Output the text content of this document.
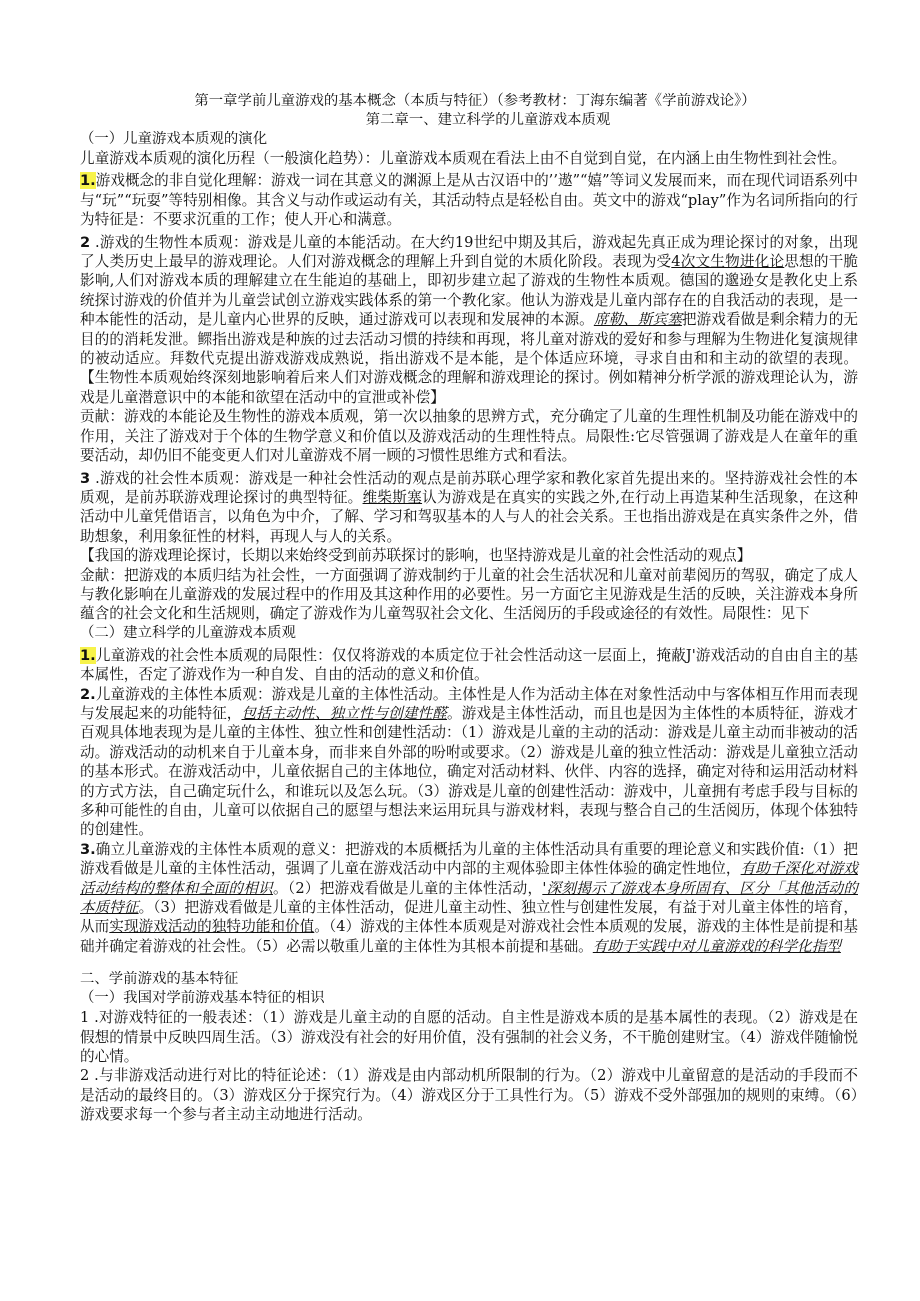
第一章学前儿童游戏的基本概念（本质与特征）（参考教材：丁海东编著《学前游戏论》）
第二章一、建立科学的儿童游戏本质观
（一）儿童游戏本质观的演化

儿童游戏本质观的演化历程（一般演化趋势）：儿童游戏本质观在看法上由不自觉到自觉，在内涵上由生物性到社会性。

1.游戏概念的非自觉化理解：游戏一词在其意义的渊源上是从古汉语中的’’遨”“嬉”等词义发展而来，而在现代词语系列中与“玩”“玩耍”等特别相像。其含义与动作或运动有关，其活动特点是轻松自由。英文中的游戏“play”作为名词所指向的行为特征是：不要求沉重的工作；使人开心和满意。

2 .游戏的生物性本质观：游戏是儿童的本能活动。在大约19世纪中期及其后，游戏起先真正成为理论探讨的对象，出现了人类历史上最早的游戏理论。人们对游戏概念的理解上升到自觉的木质化阶段。表现为受4次文生物进化论思想的干脆影响,人们对游戏本质的理解建立在生能迫的基础上，即初步建立起了游戏的生物性本质观。德国的邈逊女是教化史上系统探讨游戏的价值并为儿童尝试创立游戏实践体系的第一个教化家。他认为游戏是儿童内部存在的自我活动的表现，是一种本能性的活动，是儿童内心世界的反映，通过游戏可以表现和发展神的本源。席勒、斯宾塞把游戏看做是剩余精力的无目的的消耗发泄。鳏指出游戏是种族的过去活动习惯的持续和再现，将儿童对游戏的爱好和参与理解为生物进化复演规律的被动适应。拜数代克提出游戏游戏成熟说，指出游戏不是本能，是个体适应环境，寻求自由和和主动的欲望的表现。【生物性本质观始终深刻地影响着后来人们对游戏概念的理解和游戏理论的探讨。例如精神分析学派的游戏理论认为，游戏是儿童潜意识中的本能和欲望在活动中的宣泄或补偿】

贡献：游戏的本能论及生物性的游戏本质观，第一次以抽象的思辨方式，充分确定了儿童的生理性机制及功能在游戏中的作用，关注了游戏对于个体的生物学意义和价值以及游戏活动的生理性特点。局限性:它尽管强调了游戏是人在童年的重要活动，却仍旧不能变更人们对儿童游戏不屑一顾的习惯性思维方式和看法。

3 .游戏的社会性本质观：游戏是一种社会性活动的观点是前苏联心理学家和教化家首先提出来的。坚持游戏社会性的本质观，是前苏联游戏理论探讨的典型特征。维柴斯塞认为游戏是在真实的实践之外,在行动上再造某种生活现象，在这种活动中儿童凭借语言，以角色为中介，了解、学习和驾驭基本的人与人的社会关系。王也指出游戏是在真实条件之外，借助想象，利用象征性的材料，再现人与人的关系。

【我国的游戏理论探讨，长期以来始终受到前苏联探讨的影响，也坚持游戏是儿童的社会性活动的观点】

金献：把游戏的本质归结为社会性，一方面强调了游戏制约于儿童的社会生活状况和儿童对前辈阅历的驾驭，确定了成人与教化影响在儿童游戏的发展过程中的作用及其这种作用的必要性。另一方面它主见游戏是生活的反映，关注游戏本身所蕴含的社会文化和生活规则，确定了游戏作为儿童驾驭社会文化、生活阅历的手段或途径的有效性。局限性：见下

（二）建立科学的儿童游戏本质观

1.儿童游戏的社会性本质观的局限性：仅仅将游戏的本质定位于社会性活动这一层面上，掩蔽J'游戏活动的自由自主的基本属性，否定了游戏作为一种自发、自由的活动的意义和价值。

2.儿童游戏的主体性本质观：游戏是儿童的主体性活动。主体性是人作为活动主体在对象性活动中与客体相互作用而表现与发展起来的功能特征，包括主动性、独立性与创建性醛。游戏是主体性活动，而且也是因为主体性的本质特征，游戏才百观具体地表现为是儿童的主体性、独立性和创建性活动：（1）游戏是儿童的主动的活动：游戏是儿童主动而非被动的活动。游戏活动的动机来自于儿童本身，而非来自外部的吩咐或要求。（2）游戏是儿童的独立性活动：游戏是儿童独立活动的基本形式。在游戏活动中，儿童依据自己的主体地位，确定对活动材料、伙伴、内容的选择，确定对待和运用活动材料的方式方法，自己确定玩什么，和谁玩以及怎么玩。（3）游戏是儿童的创建性活动：游戏中，儿童拥有考虑手段与目标的多种可能性的自由，儿童可以依据自己的愿望与想法来运用玩具与游戏材料，表现与整合自己的生活阅历，体现个体独特的创建性。

3.确立儿童游戏的主体性本质观的意义：把游戏的本质概括为儿童的主体性活动具有重要的理论意义和实践价值:（1）把游戏看做是儿童的主体性活动，强调了儿童在游戏活动中内部的主观体验即主体性体验的确定性地位，有助千深化对游戏活动结构的整体和全面的相识。（2）把游戏看做是儿童的主体性活动，'深刻揭示了游戏本身所固有、区分「其他活动的本质特征。（3）把游戏看做是儿童的主体性活动，促进儿童主动性、独立性与创建性发展，有益于对儿童主体性的培育，从而实现游戏活动的独特功能和价值。（4）游戏的主体性本质观是对游戏社会性本质观的发展，游戏的主体性是前提和基础并确定着游戏的社会性。（5）必需以敬重儿童的主体性为其根本前提和基础。有助于实践中对儿童游戏的科学化指型

二、学前游戏的基本特征
（一）我国对学前游戏基本特征的相识

1 .对游戏特征的一般表述：（1）游戏是儿童主动的自愿的活动。自主性是游戏本质的是基本属性的表现。（2）游戏是在假想的情景中反映四周生活。（3）游戏没有社会的好用价值，没有强制的社会义务，不干脆创建财宝。（4）游戏伴随愉悦的心情。

2 .与非游戏活动进行对比的特征论述：（1）游戏是由内部动机所限制的行为。（2）游戏中儿童留意的是活动的手段而不是活动的最终目的。（3）游戏区分于探究行为。（4）游戏区分于工具性行为。（5）游戏不受外部强加的规则的束缚。（6）游戏要求每一个参与者主动主动地进行活动。
